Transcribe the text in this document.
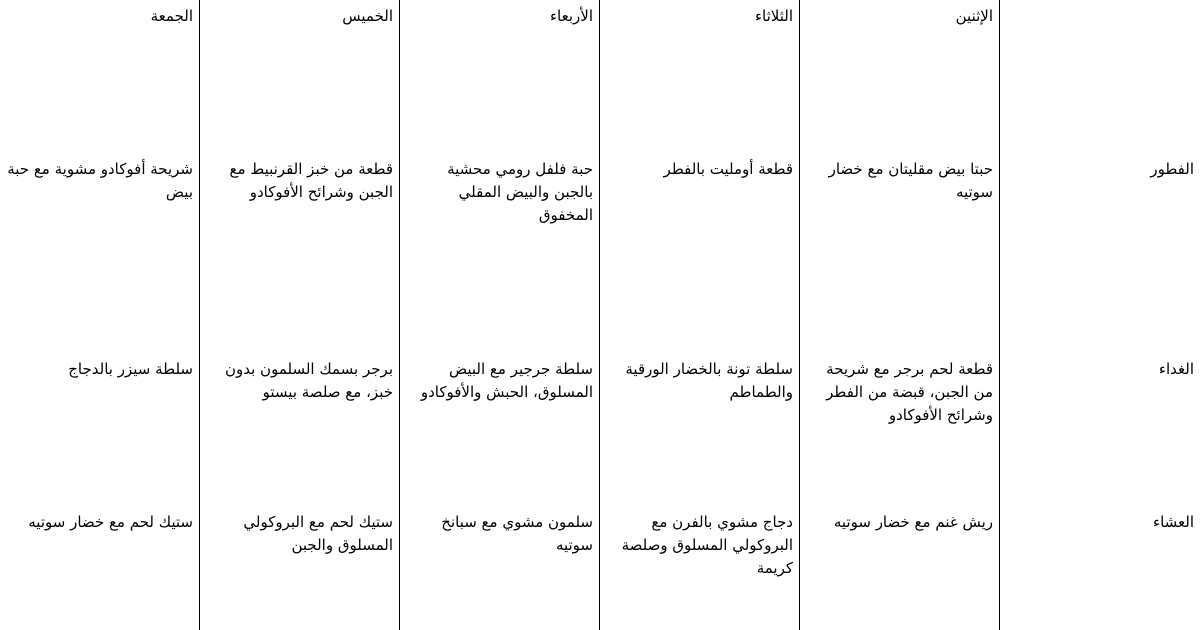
الإثنين
الثلاثاء
الأربعاء
الخميس
الجمعة
الفطور
حبتا بيض مقليتان مع خضار سوتيه
قطعة أومليت بالفطر
حبة فلفل رومي محشية بالجبن والبيض المقلي المخفوق
قطعة من خبز القرنبيط مع الجبن وشرائح الأفوكادو
شريحة أفوكادو مشوية مع حبة بيض
الغداء
قطعة لحم برجر مع شريحة من الجبن، قبضة من الفطر وشرائح الأفوكادو
سلطة تونة بالخضار الورقية والطماطم
سلطة جرجير مع البيض المسلوق، الحبش والأفوكادو
برجر بسمك السلمون بدون خبز، مع صلصة بيستو
سلطة سيزر بالدجاج
العشاء
ريش غنم مع خضار سوتيه
دجاج مشوي بالفرن مع البروكولي المسلوق وصلصة كريمة
سلمون مشوي مع سبانخ سوتيه
ستيك لحم مع البروكولي المسلوق والجبن
ستيك لحم مع خضار سوتيه
